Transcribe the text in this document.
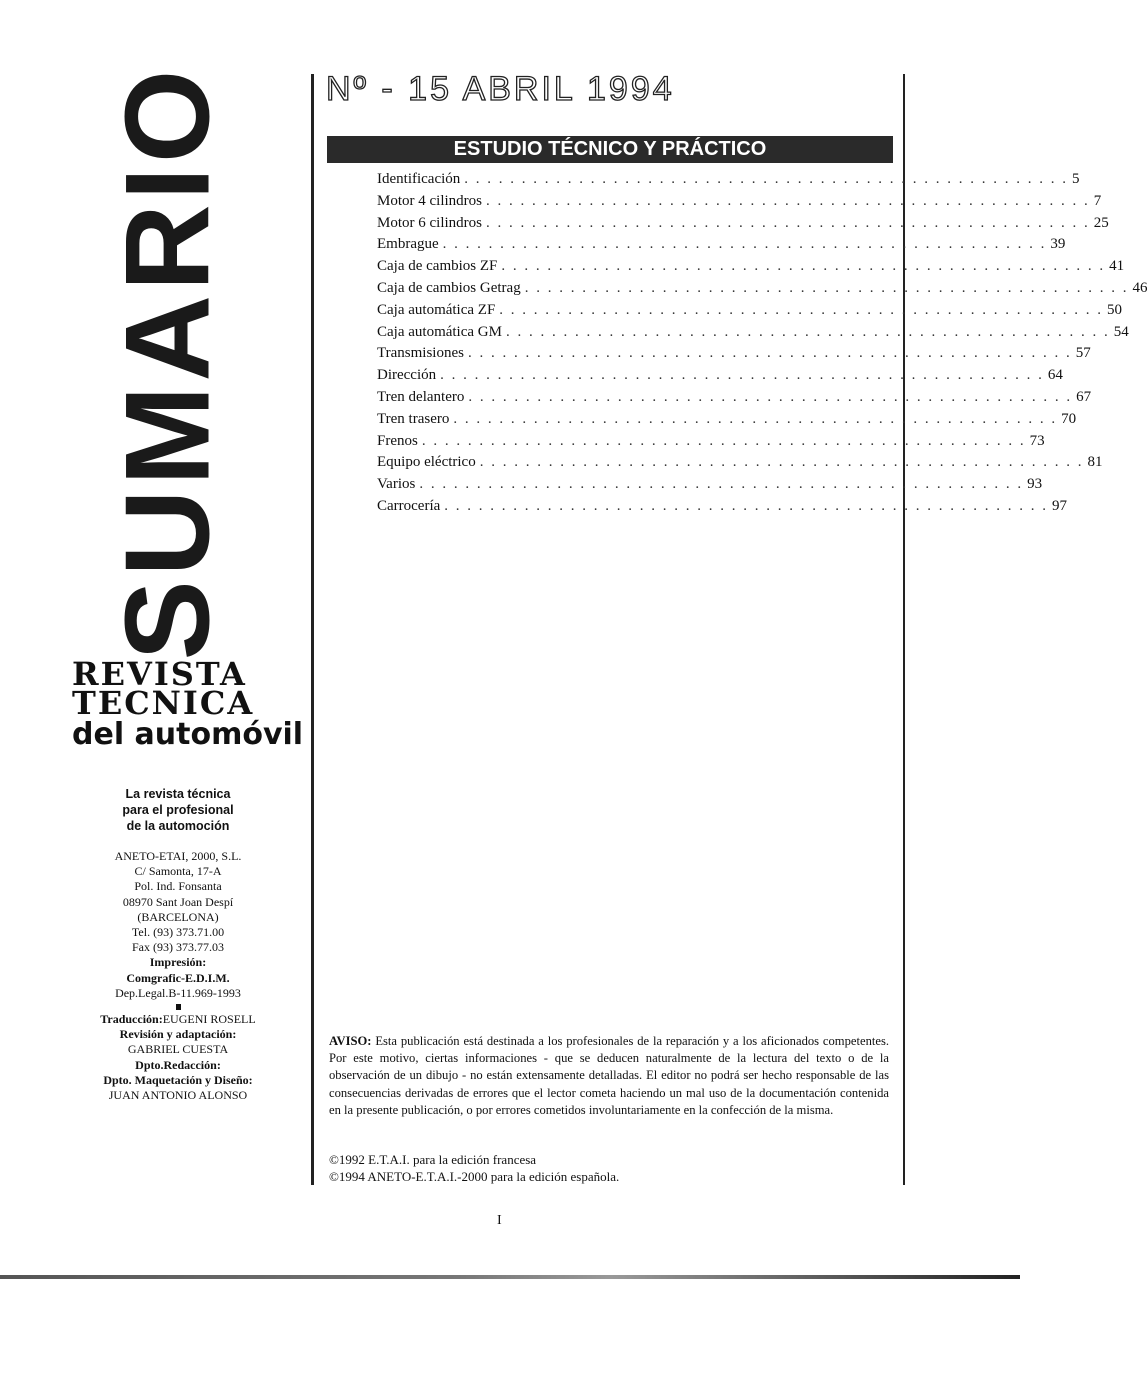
SUMARIO
REVISTA
TECNICA
del automóvil
La revista técnica
para el profesional
de la automoción
ANETO-ETAI, 2000, S.L.
C/ Samonta, 17-A
Pol. Ind. Fonsanta
08970 Sant Joan Despí
(BARCELONA)
Tel. (93) 373.71.00
Fax (93) 373.77.03
Impresión:
Comgrafic-E.D.I.M.
Dep.Legal.B-11.969-1993
Traducción:EUGENI ROSELL
Revisión y adaptación:
GABRIEL CUESTA
Dpto.Redacción:
Dpto. Maquetación y Diseño:
JUAN ANTONIO ALONSO
Nº - 15 ABRIL 1994
ESTUDIO TÉCNICO Y PRÁCTICO
Identificación . . . . . . . . . . . . . . . . . . . . . . . . . . . . . . . . . . . . . . . . . . . . . . . . . . . . . 5
Motor 4 cilindros . . . . . . . . . . . . . . . . . . . . . . . . . . . . . . . . . . . . . . . . . . . . . . . . . . . . . 7
Motor 6 cilindros . . . . . . . . . . . . . . . . . . . . . . . . . . . . . . . . . . . . . . . . . . . . . . . . . . . . . 25
Embrague . . . . . . . . . . . . . . . . . . . . . . . . . . . . . . . . . . . . . . . . . . . . . . . . . . . . . 39
Caja de cambios ZF . . . . . . . . . . . . . . . . . . . . . . . . . . . . . . . . . . . . . . . . . . . . . . . . . . . . . 41
Caja de cambios Getrag . . . . . . . . . . . . . . . . . . . . . . . . . . . . . . . . . . . . . . . . . . . . . . . . . . . . . 46
Caja automática ZF . . . . . . . . . . . . . . . . . . . . . . . . . . . . . . . . . . . . . . . . . . . . . . . . . . . . . 50
Caja automática GM . . . . . . . . . . . . . . . . . . . . . . . . . . . . . . . . . . . . . . . . . . . . . . . . . . . . . 54
Transmisiones . . . . . . . . . . . . . . . . . . . . . . . . . . . . . . . . . . . . . . . . . . . . . . . . . . . . . 57
Dirección . . . . . . . . . . . . . . . . . . . . . . . . . . . . . . . . . . . . . . . . . . . . . . . . . . . . . 64
Tren delantero . . . . . . . . . . . . . . . . . . . . . . . . . . . . . . . . . . . . . . . . . . . . . . . . . . . . . 67
Tren trasero . . . . . . . . . . . . . . . . . . . . . . . . . . . . . . . . . . . . . . . . . . . . . . . . . . . . . 70
Frenos . . . . . . . . . . . . . . . . . . . . . . . . . . . . . . . . . . . . . . . . . . . . . . . . . . . . . 73
Equipo eléctrico . . . . . . . . . . . . . . . . . . . . . . . . . . . . . . . . . . . . . . . . . . . . . . . . . . . . . 81
Varios . . . . . . . . . . . . . . . . . . . . . . . . . . . . . . . . . . . . . . . . . . . . . . . . . . . . . 93
Carrocería . . . . . . . . . . . . . . . . . . . . . . . . . . . . . . . . . . . . . . . . . . . . . . . . . . . . . 97
AVISO: Esta publicación está destinada a los profesionales de la reparación y a los aficionados competentes. Por este motivo, ciertas informaciones - que se deducen naturalmente de la lectura del texto o de la observación de un dibujo - no están extensamente detalladas. El editor no podrá ser hecho responsable de las consecuencias derivadas de errores que el lector cometa haciendo un mal uso de la documentación contenida en la presente publicación, o por errores cometidos involuntariamente en la confección de la misma.
©1992 E.T.A.I. para la edición francesa
©1994 ANETO-E.T.A.I.-2000 para la edición española.
I
